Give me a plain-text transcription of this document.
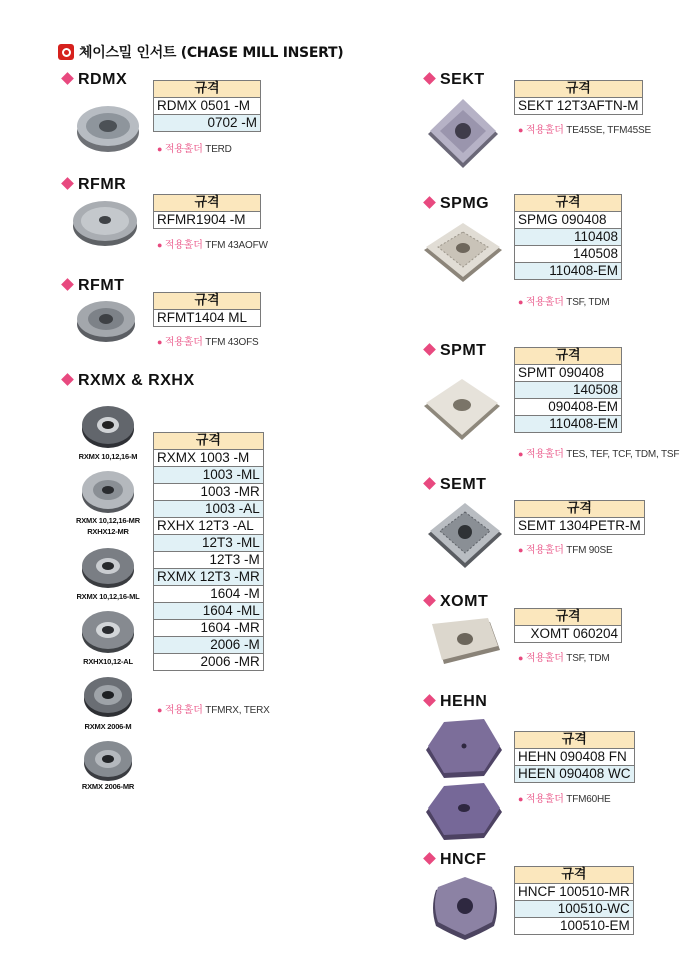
체이스밀 인서트 (CHASE MILL INSERT)
RDMX
규격
RDMX 0501 -M
0702 -M
● 적용홀더 TERD
RFMR
규격
RFMR1904 -M
● 적용홀더 TFM 43AOFW
RFMT
규격
RFMT1404 ML
● 적용홀더 TFM 43OFS
RXMX & RXHX
RXMX 10,12,16-M
RXMX 10,12,16-MR
RXHX12-MR
RXMX 10,12,16-ML
RXHX10,12-AL
RXMX 2006-M
RXMX 2006-MR
규격
RXMX 1003 -M
1003 -ML
1003 -MR
1003 -AL
RXHX 12T3 -AL
12T3 -ML
12T3 -M
RXMX 12T3 -MR
1604 -M
1604 -ML
1604 -MR
2006 -M
2006 -MR
● 적용홀더 TFMRX, TERX
SEKT
규격
SEKT 12T3AFTN-M
● 적용홀더 TE45SE, TFM45SE
SPMG	규격
SPMG 090408
110408
140508
110408-EM
● 적용홀더 TSF, TDM
SPMT	규격
SPMT 090408
140508
090408-EM
110408-EM
● 적용홀더 TES, TEF, TCF, TDM, TSF
SEMT
규격
SEMT 1304PETR-M
● 적용홀더 TFM 90SE
XOMT
규격
XOMT 060204
● 적용홀더 TSF, TDM
HEHN
규격
HEHN 090408 FN
HEEN 090408 WC
● 적용홀더 TFM60HE
HNCF
규격
HNCF 100510-MR
100510-WC
100510-EM
